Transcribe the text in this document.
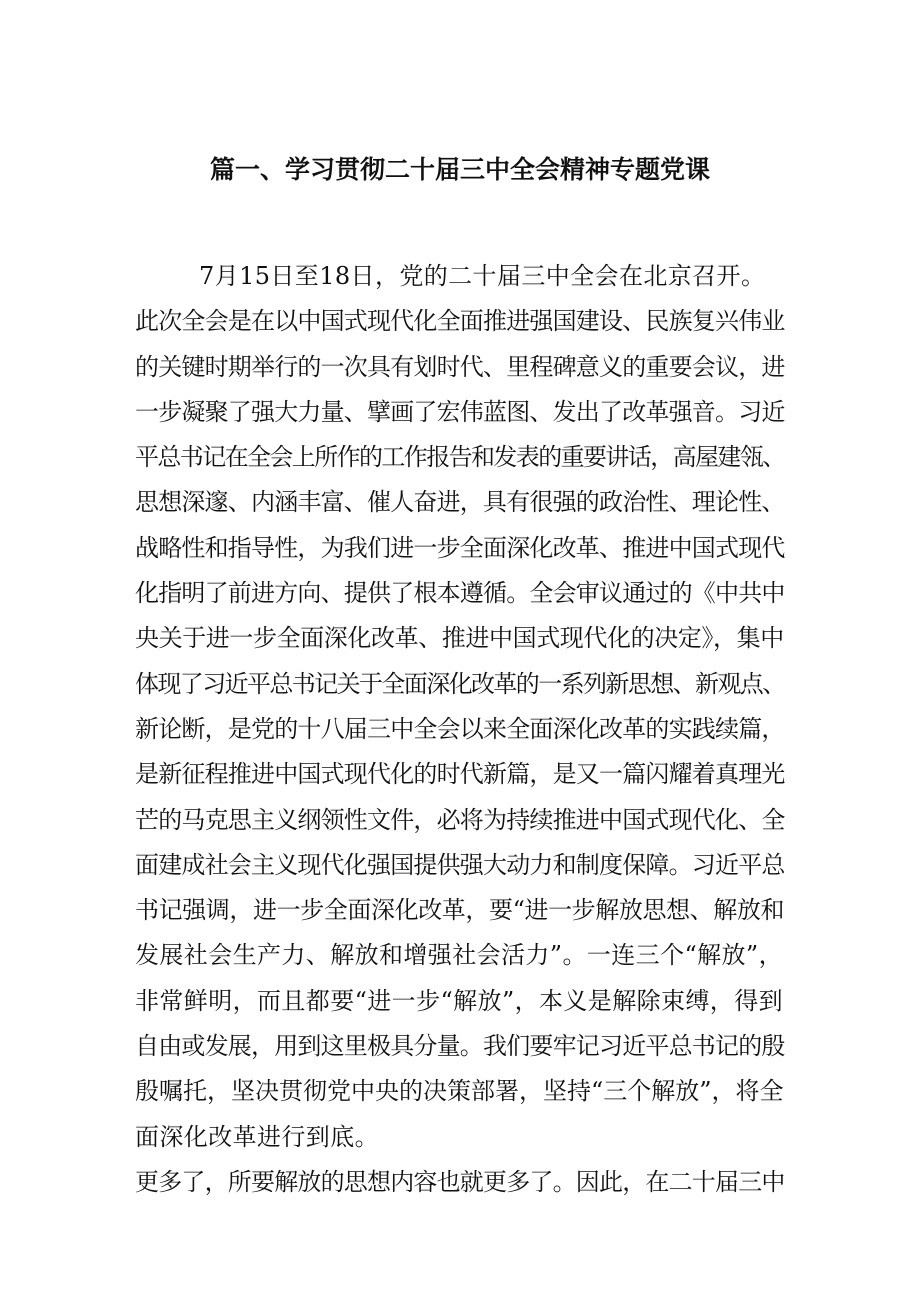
篇一、学习贯彻二十届三中全会精神专题党课
7月15日至18日，党的二十届三中全会在北京召开。
此次全会是在以中国式现代化全面推进强国建设、民族复兴伟业
的关键时期举行的一次具有划时代、里程碑意义的重要会议，进
一步凝聚了强大力量、擘画了宏伟蓝图、发出了改革强音。习近
平总书记在全会上所作的工作报告和发表的重要讲话，高屋建瓴、
思想深邃、内涵丰富、催人奋进，具有很强的政治性、理论性、
战略性和指导性，为我们进一步全面深化改革、推进中国式现代
化指明了前进方向、提供了根本遵循。全会审议通过的《中共中
央关于进一步全面深化改革、推进中国式现代化的决定》，集中
体现了习近平总书记关于全面深化改革的一系列新思想、新观点、
新论断，是党的十八届三中全会以来全面深化改革的实践续篇，
是新征程推进中国式现代化的时代新篇，是又一篇闪耀着真理光
芒的马克思主义纲领性文件，必将为持续推进中国式现代化、全
面建成社会主义现代化强国提供强大动力和制度保障。习近平总
书记强调，进一步全面深化改革，要“进一步解放思想、解放和
发展社会生产力、解放和增强社会活力”。一连三个“解放”，
非常鲜明，而且都要“进一步“解放”，本义是解除束缚，得到
自由或发展，用到这里极具分量。我们要牢记习近平总书记的殷
殷嘱托，坚决贯彻党中央的决策部署，坚持“三个解放”，将全
面深化改革进行到底。
更多了，所要解放的思想内容也就更多了。因此，在二十届三中
